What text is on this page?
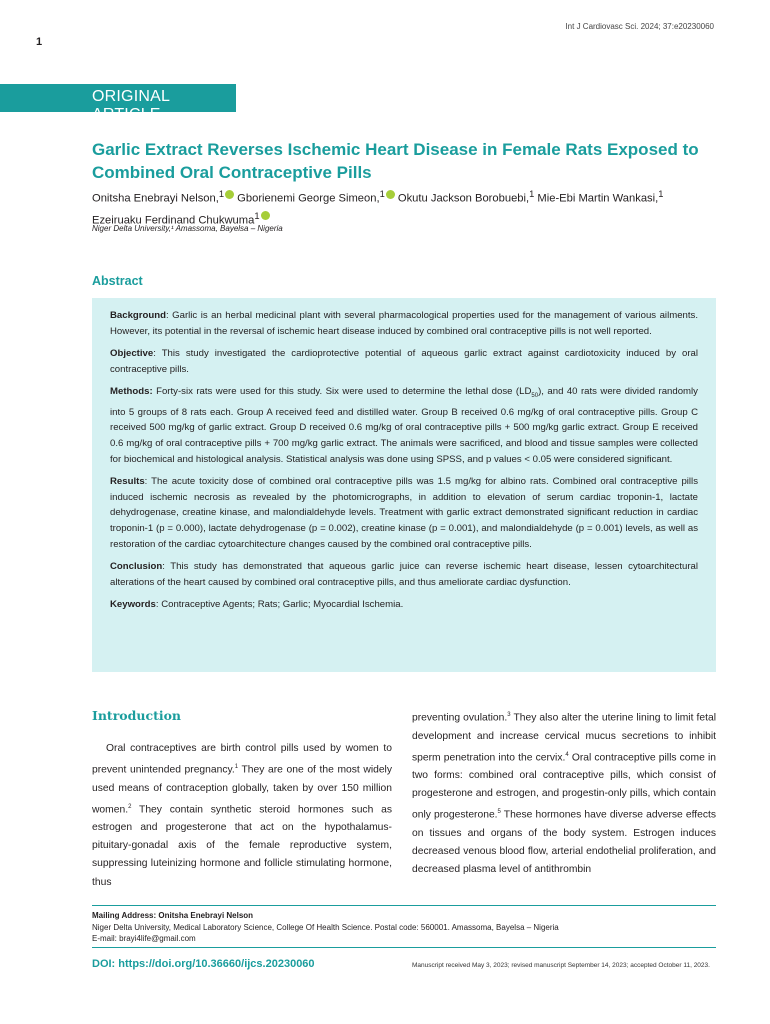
Int J Cardiovasc Sci. 2024; 37:e20230060
1
ORIGINAL ARTICLE
Garlic Extract Reverses Ischemic Heart Disease in Female Rats Exposed to Combined Oral Contraceptive Pills
Onitsha Enebrayi Nelson,$^1$ Gborienemi George Simeon,$^1$ Okutu Jackson Borobuebi,$^1$ Mie-Ebi Martin Wankasi,$^1$
Ezeiruaku Ferdinand Chukwuma$^1$
Niger Delta University,¹ Amassoma, Bayelsa – Nigeria
Abstract

Background: Garlic is an herbal medicinal plant with several pharmacological properties used for the management of various ailments. However, its potential in the reversal of ischemic heart disease induced by combined oral contraceptive pills is not well reported.

Objective: This study investigated the cardioprotective potential of aqueous garlic extract against cardiotoxicity induced by oral contraceptive pills.

Methods: Forty-six rats were used for this study. Six were used to determine the lethal dose $(LD_{50})$, and 40 rats were divided randomly into 5 groups of 8 rats each. Group A received feed and distilled water. Group B received 0.6 mg/kg of oral contraceptive pills. Group C received 500 mg/kg of garlic extract. Group D received 0.6 mg/kg of oral contraceptive pills + 500 mg/kg garlic extract. Group E received 0.6 mg/kg of oral contraceptive pills + 700 mg/kg garlic extract. The animals were sacrificed, and blood and tissue samples were collected for biochemical and histological analysis. Statistical analysis was done using SPSS, and p values < 0.05 were considered significant.

Results: The acute toxicity dose of combined oral contraceptive pills was 1.5 mg/kg for albino rats. Combined oral contraceptive pills induced ischemic necrosis as revealed by the photomicrographs, in addition to elevation of serum cardiac troponin-1, lactate dehydrogenase, creatine kinase, and malondialdehyde levels. Treatment with garlic extract demonstrated significant reduction in cardiac troponin-1 (p = 0.000), lactate dehydrogenase (p = 0.002), creatine kinase (p = 0.001), and malondialdehyde (p = 0.001) levels, as well as restoration of the cardiac cytoarchitecture changes caused by the combined oral contraceptive pills.

Conclusion: This study has demonstrated that aqueous garlic juice can reverse ischemic heart disease, lessen cytoarchitectural alterations of the heart caused by combined oral contraceptive pills, and thus ameliorate cardiac dysfunction.

Keywords: Contraceptive Agents; Rats; Garlic; Myocardial Ischemia.

Introduction
Oral contraceptives are birth control pills used by women to prevent unintended pregnancy.$^1$ They are one of the most widely used means of contraception globally, taken by over 150 million women.$^2$ They contain synthetic steroid hormones such as estrogen and progesterone that act on the hypothalamus-pituitary-gonadal axis of the female reproductive system, suppressing luteinizing hormone and follicle stimulating hormone, thus
preventing ovulation.$^3$ They also alter the uterine lining to limit fetal development and increase cervical mucus secretions to inhibit sperm penetration into the cervix.$^4$ Oral contraceptive pills come in two forms: combined oral contraceptive pills, which consist of progesterone and estrogen, and progestin-only pills, which contain only progesterone.$^5$ These hormones have diverse adverse effects on tissues and organs of the body system. Estrogen induces decreased venous blood flow, arterial endothelial proliferation, and decreased plasma level of antithrombin
Mailing Address: Onitsha Enebrayi Nelson
Niger Delta University, Medical Laboratory Science, College Of Health Science. Postal code: 560001. Amassoma, Bayelsa – Nigeria
E-mail: brayi4life@gmail.com
DOI: https://doi.org/10.36660/ijcs.20230060	Manuscript received May 3, 2023; revised manuscript September 14, 2023; accepted October 11, 2023.
